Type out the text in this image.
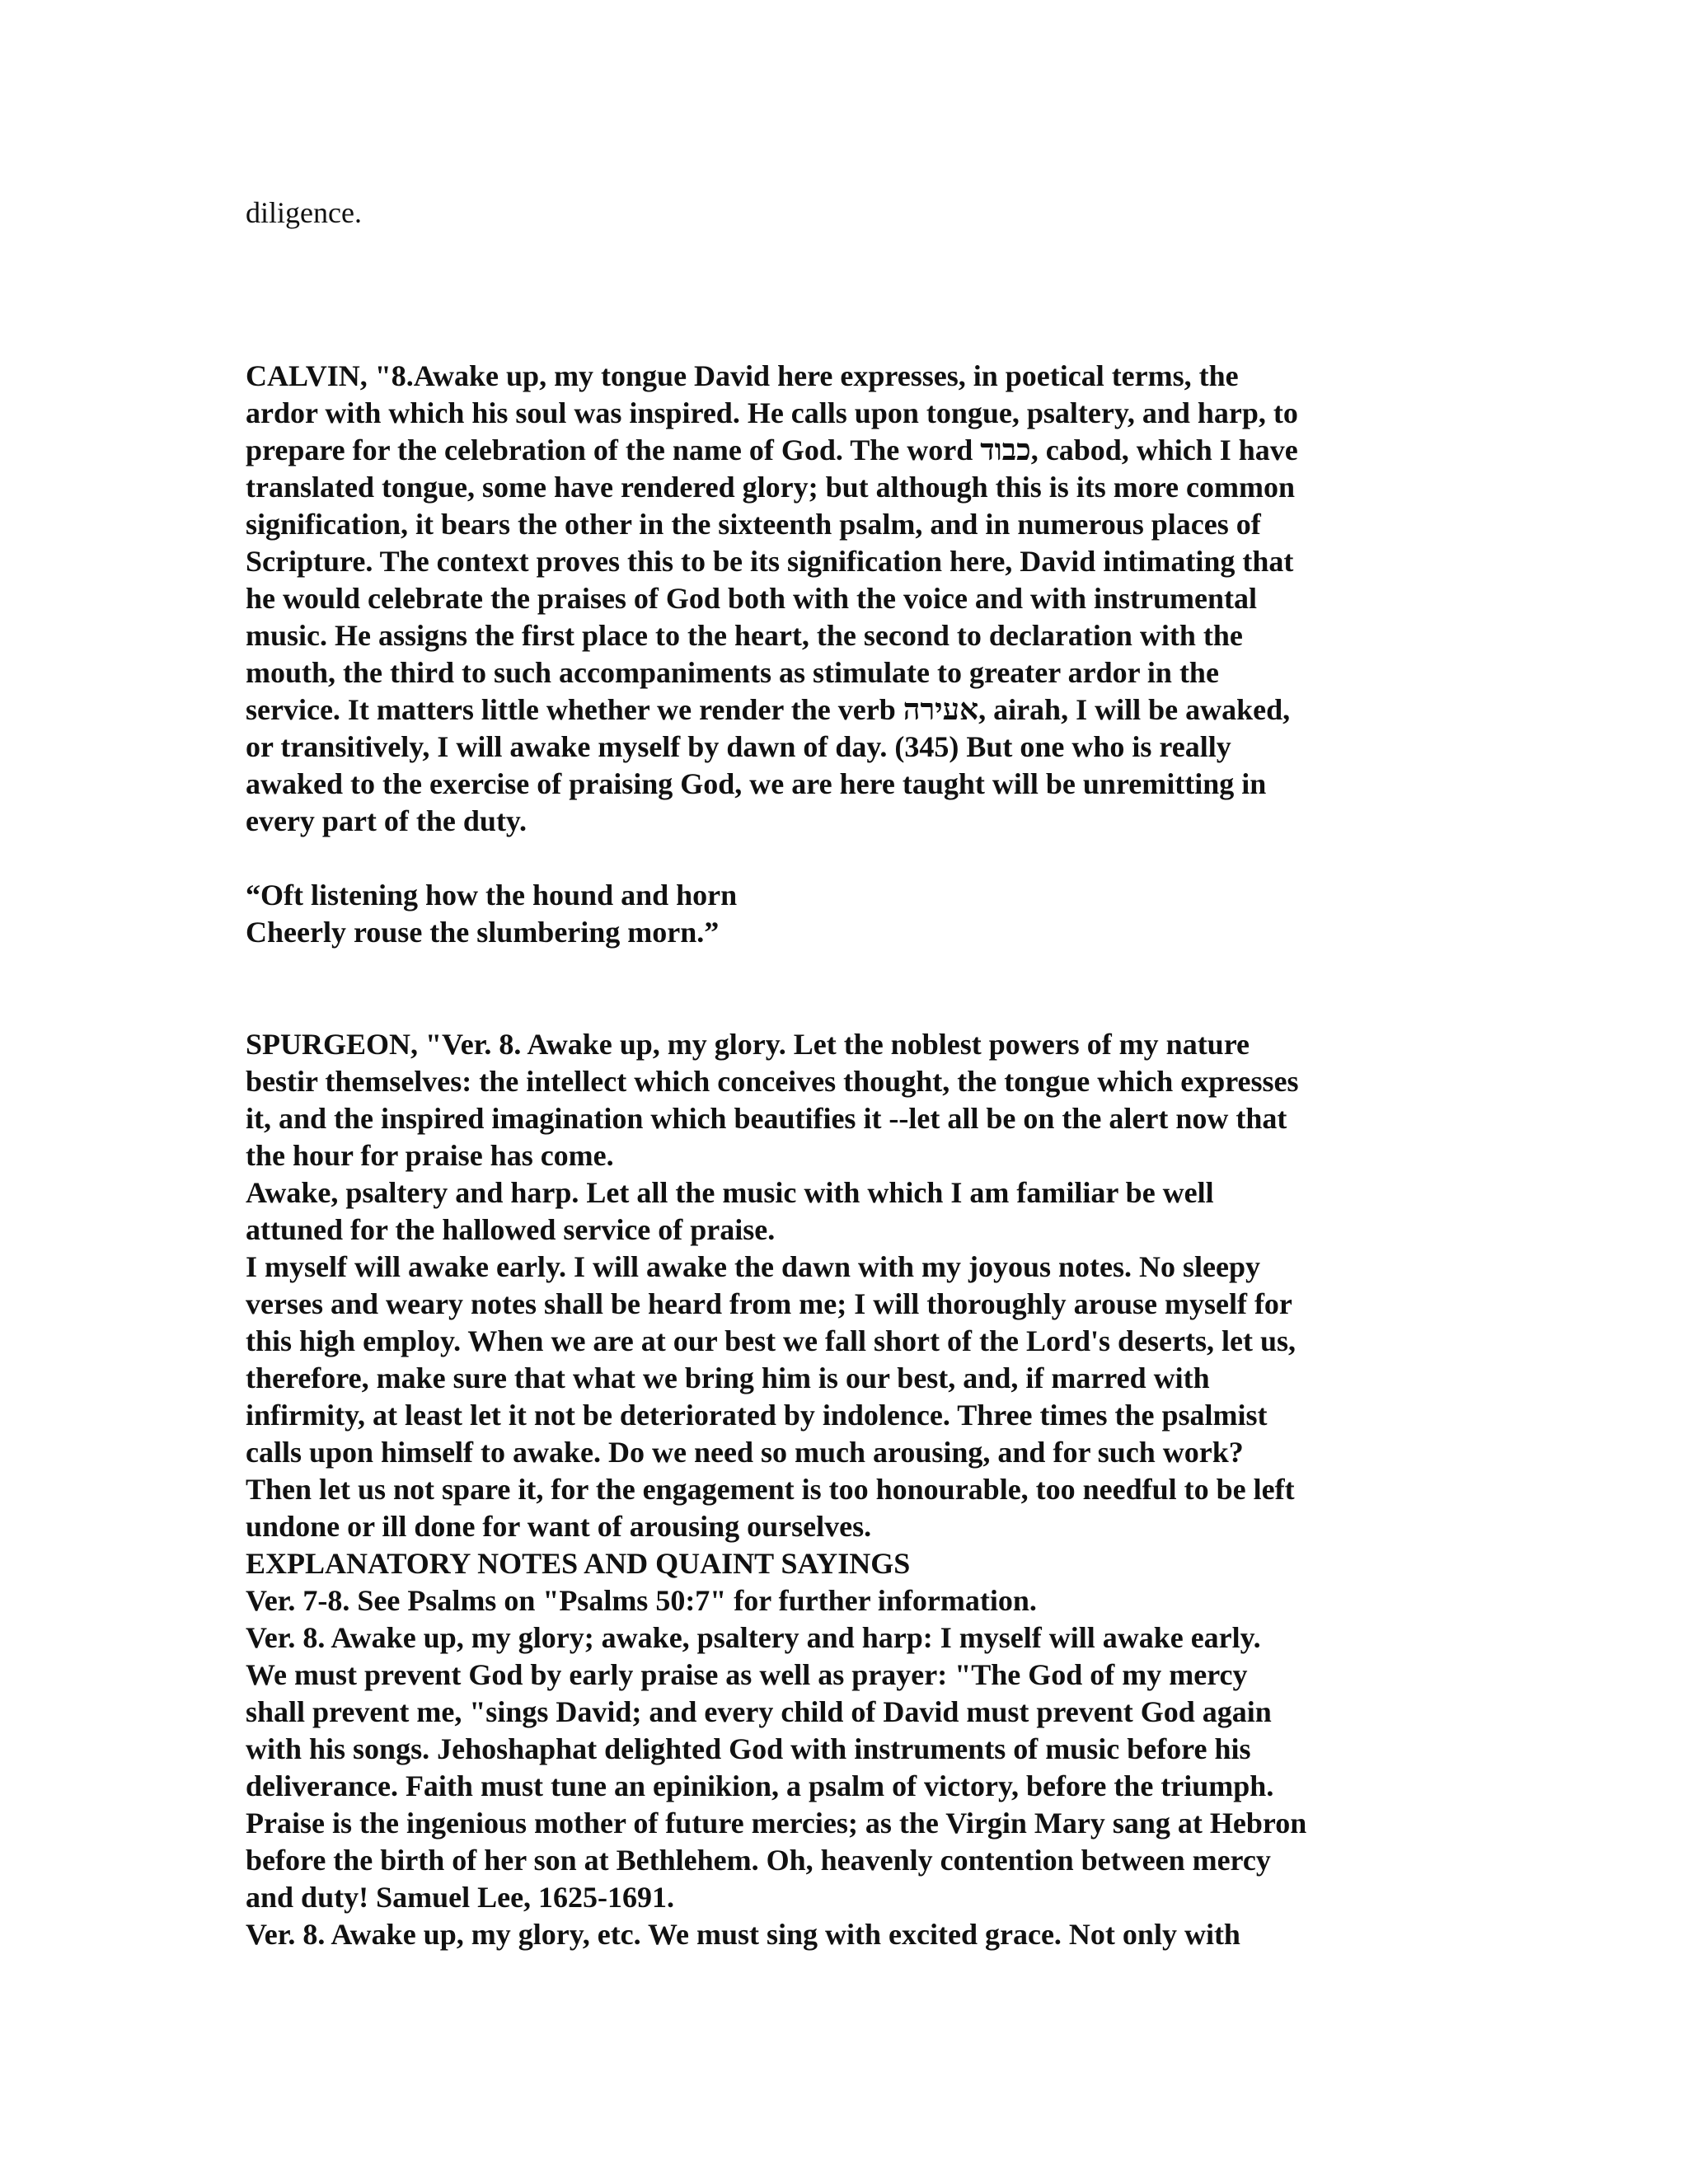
diligence.
CALVIN, "8.Awake up, my tongue David here expresses, in poetical terms, the
ardor with which his soul was inspired. He calls upon tongue, psaltery, and harp, to
prepare for the celebration of the name of God. The word כבוד, cabod, which I have
translated tongue, some have rendered glory; but although this is its more common
signification, it bears the other in the sixteenth psalm, and in numerous places of
Scripture. The context proves this to be its signification here, David intimating that
he would celebrate the praises of God both with the voice and with instrumental
music. He assigns the first place to the heart, the second to declaration with the
mouth, the third to such accompaniments as stimulate to greater ardor in the
service. It matters little whether we render the verb אעירה, airah, I will be awaked,
or transitively, I will awake myself by dawn of day. (345) But one who is really
awaked to the exercise of praising God, we are here taught will be unremitting in
every part of the duty.
“Oft listening how the hound and horn
Cheerly rouse the slumbering morn.”
SPURGEON, "Ver. 8. Awake up, my glory. Let the noblest powers of my nature
bestir themselves: the intellect which conceives thought, the tongue which expresses
it, and the inspired imagination which beautifies it --let all be on the alert now that
the hour for praise has come.
Awake, psaltery and harp. Let all the music with which I am familiar be well
attuned for the hallowed service of praise.
I myself will awake early. I will awake the dawn with my joyous notes. No sleepy
verses and weary notes shall be heard from me; I will thoroughly arouse myself for
this high employ. When we are at our best we fall short of the Lord's deserts, let us,
therefore, make sure that what we bring him is our best, and, if marred with
infirmity, at least let it not be deteriorated by indolence. Three times the psalmist
calls upon himself to awake. Do we need so much arousing, and for such work?
Then let us not spare it, for the engagement is too honourable, too needful to be left
undone or ill done for want of arousing ourselves.
EXPLANATORY NOTES AND QUAINT SAYINGS
Ver. 7-8. See Psalms on "Psalms 50:7" for further information.
Ver. 8. Awake up, my glory; awake, psaltery and harp: I myself will awake early.
We must prevent God by early praise as well as prayer: "The God of my mercy
shall prevent me, "sings David; and every child of David must prevent God again
with his songs. Jehoshaphat delighted God with instruments of music before his
deliverance. Faith must tune an epinikion, a psalm of victory, before the triumph.
Praise is the ingenious mother of future mercies; as the Virgin Mary sang at Hebron
before the birth of her son at Bethlehem. Oh, heavenly contention between mercy
and duty! Samuel Lee, 1625-1691.
Ver. 8. Awake up, my glory, etc. We must sing with excited grace. Not only with
